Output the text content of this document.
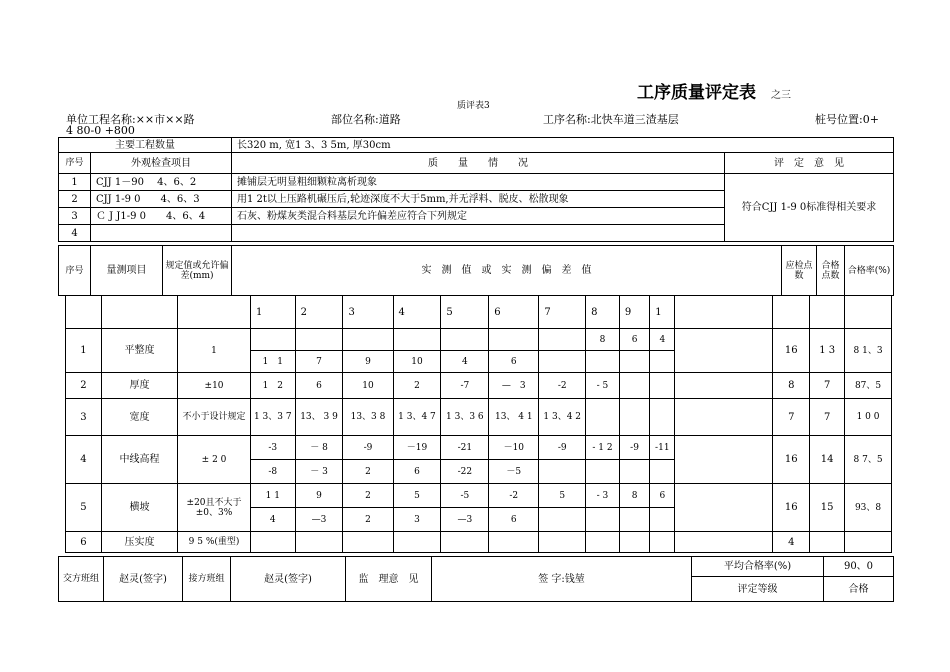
工序质量评定表 之三
质评表3
单位工程名称:××市××路	部位名称:道路	工序名称:北快车道三渣基层	桩号位置:0+
4 80-0 +800
主要工程数量		长320 m, 宽1 3、3 5m, 厚30cm	
序号	外观检查项目	质　　量　　情　　况	评　定　意　见
1	CJJ 1－90　 4、6、2	摊铺层无明显粗细颗粒离析现象	符合CJJ 1-9 0标准得相关要求
2	CJJ 1-9 0　　4、6、3	用1 2t以上压路机碾压后,轮迹深度不大于5mm,并无浮料、脱皮、松散现象	
3	Ｃ J J1-9 0　　4、6、4	石灰、粉煤灰类混合料基层允许偏差应符合下列规定	
4			
序号	量测项目	规定值或允许偏差(mm)	实　测　值　或　实　测　偏　差　值	应检点数	合格点数	合格率(%)
			1	2	3	4	5	6	7	8	9	1				
1	平整度	1								8	6	4		16	1 3	8 1、3
			1　1	7	9	10	4	6								
2	厚度	±10	1　2	6	10	2	-7	—　3	-2	- 5				8	7	87、5
3	宽度	不小于设计规定	1 3、3 7	13、 3 9	13、3 8	1 3、4 7	1 3、3 6	13、 4 1	1 3、4 2					7	7	1 0 0
4	中线高程	± 2 0	-3	－ 8	-9	－19	-21	－10	-9	- 1 2	-9	-11		16	14	8 7、5
			-8	－ 3	2	6	-22	－5								
5	横坡	±20且不大于±0、3%	1 1	9	2	5	-5	-2	5	- 3	8	6		16	15	93、8
			4	—3	2	3	—3	6								
6	压实度	9 5 %(重型)												4		
交方班组	赵灵(签字)	接方班组	赵灵(签字)	监　理意　见	签 字:钱堃	平均合格率(%)	90、0
						评定等级	合格
